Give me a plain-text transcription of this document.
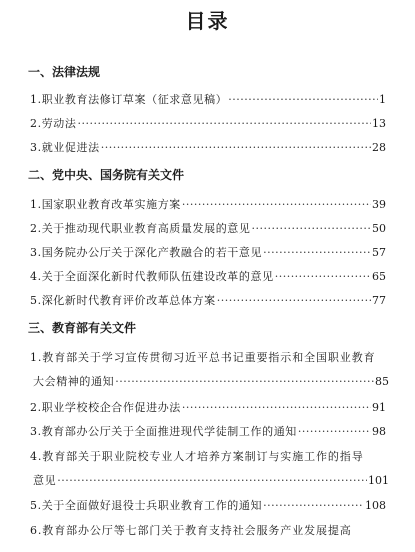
目录
一、法律法规
1.职业教育法修订草案（征求意见稿） ·····	1
2.劳动法 ·····	13
3.就业促进法 ·····	28
二、党中央、国务院有关文件
1.国家职业教育改革实施方案 ·····	39
2.关于推动现代职业教育高质量发展的意见 ·····	50
3.国务院办公厅关于深化产教融合的若干意见 ·····	57
4.关于全面深化新时代教师队伍建设改革的意见 ·····	65
5.深化新时代教育评价改革总体方案 ·····	77
三、教育部有关文件
1.教育部关于学习宣传贯彻习近平总书记重要指示和全国职业教育
大会精神的通知 ·····	85
2.职业学校校企合作促进办法 ·····	91
3.教育部办公厅关于全面推进现代学徒制工作的通知 ·····	98
4.教育部关于职业院校专业人才培养方案制订与实施工作的指导
意见 ·····	101
5.关于全面做好退役士兵职业教育工作的通知 ·····	108
6.教育部办公厅等七部门关于教育支持社会服务产业发展提高
